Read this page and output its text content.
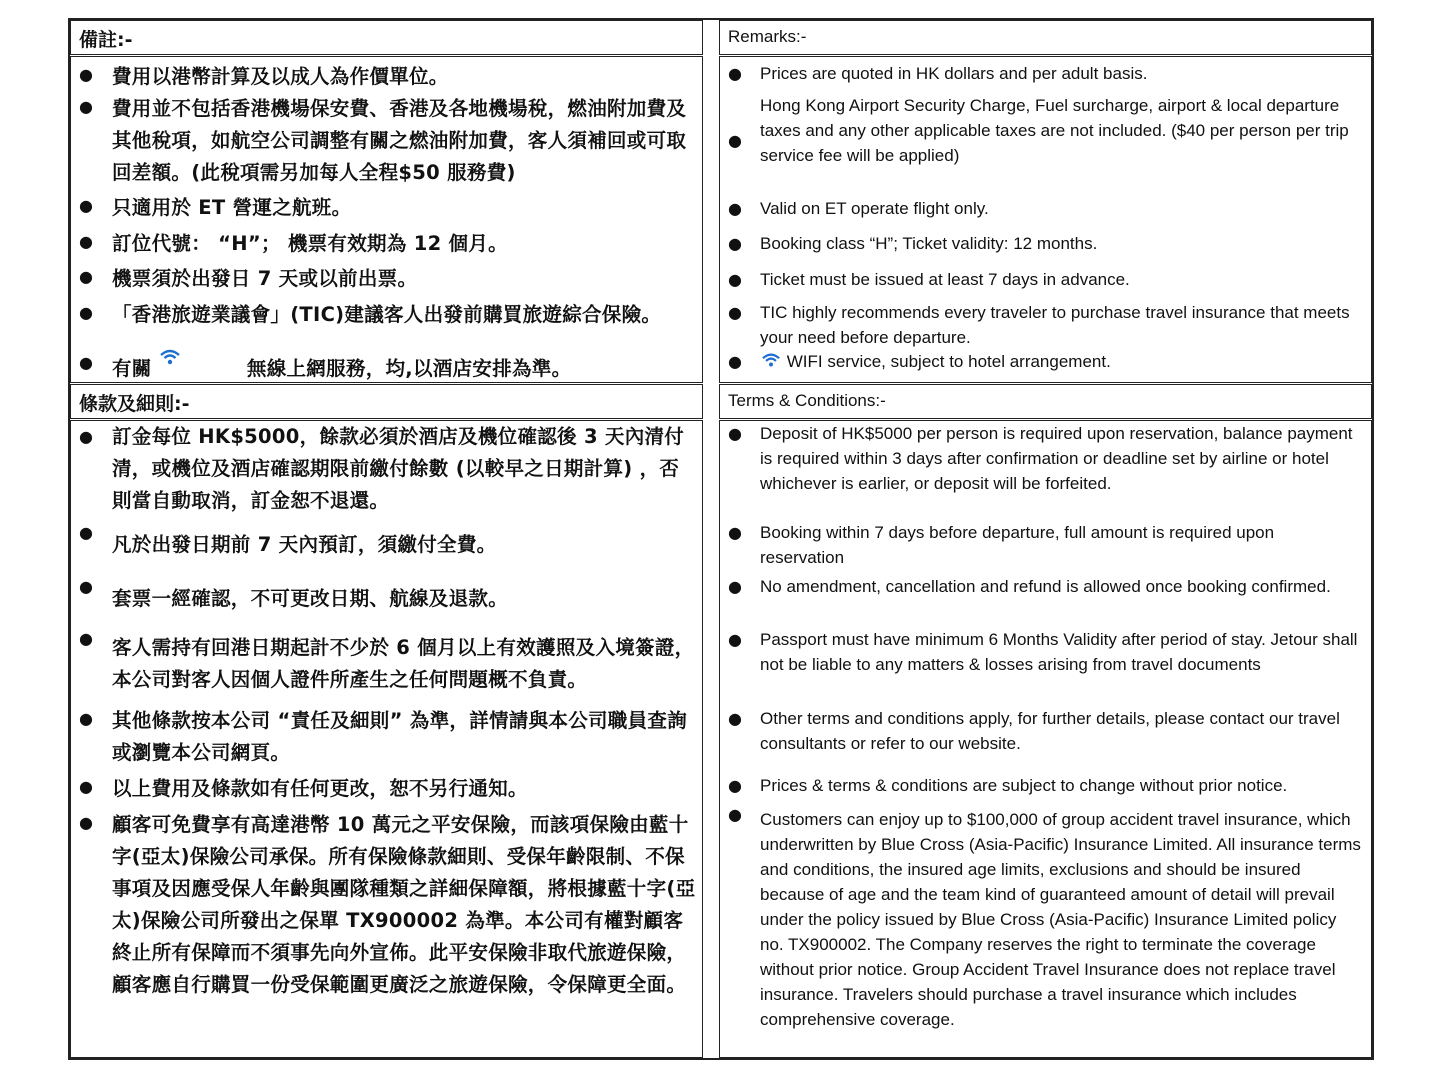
備註:-
● 費用以港幣計算及以成人為作價單位。
● 費用並不包括香港機場保安費、香港及各地機場稅，燃油附加費及其他稅項，如航空公司調整有關之燃油附加費，客人須補回或可取回差額。(此稅項需另加每人全程$50 服務費)
● 只適用於 ET 營運之航班。
● 訂位代號： “H”； 機票有效期為 12 個月。
● 機票須於出發日 7 天或以前出票。
● 「香港旅遊業議會」(TIC)建議客人出發前購買旅遊綜合保險。
● 有關	無線上網服務，均,以酒店安排為準。
條款及細則:-
● 訂金每位 HK$5000，餘款必須於酒店及機位確認後 3 天內清付清，或機位及酒店確認期限前繳付餘數 (以較早之日期計算) ，否則當自動取消，訂金恕不退還。
●
凡於出發日期前 7 天內預訂，須繳付全費。
●
套票一經確認，不可更改日期、航線及退款。
● 客人需持有回港日期起計不少於 6 個月以上有效護照及入境簽證，本公司對客人因個人證件所產生之任何問題概不負責。
● 其他條款按本公司 “責任及細則” 為準，詳情請與本公司職員查詢或瀏覽本公司網頁。
● 以上費用及條款如有任何更改，恕不另行通知。
● 顧客可免費享有高達港幣 10 萬元之平安保險，而該項保險由藍十字(亞太)保險公司承保。所有保險條款細則、受保年齡限制、不保事項及因應受保人年齡與團隊種類之詳細保障額，將根據藍十字(亞太)保險公司所發出之保單 TX900002 為準。本公司有權對顧客終止所有保障而不須事先向外宣佈。此平安保險非取代旅遊保險，顧客應自行購買一份受保範圍更廣泛之旅遊保險，令保障更全面。
Remarks:-
● Prices are quoted in HK dollars and per adult basis.
●
Hong Kong Airport Security Charge, Fuel surcharge, airport & local departure taxes and any other applicable taxes are not included. ($40 per person per trip service fee will be applied)
● Valid on ET operate flight only.
● Booking class “H”; Ticket validity: 12 months.
● Ticket must be issued at least 7 days in advance.
● TIC highly recommends every traveler to purchase travel insurance that meets your need before departure.
●	WIFI service, subject to hotel arrangement.
Terms & Conditions:-
● Deposit of HK$5000 per person is required upon reservation, balance payment is required within 3 days after confirmation or deadline set by airline or hotel whichever is earlier, or deposit will be forfeited.
● Booking within 7 days before departure, full amount is required upon reservation
● No amendment, cancellation and refund is allowed once booking confirmed.
● Passport must have minimum 6 Months Validity after period of stay. Jetour shall not be liable to any matters & losses arising from travel documents
● Other terms and conditions apply, for further details, please contact our travel consultants or refer to our website.
● Prices & terms & conditions are subject to change without prior notice.
● Customers can enjoy up to $100,000 of group accident travel insurance, which underwritten by Blue Cross (Asia-Pacific) Insurance Limited. All insurance terms and conditions, the insured age limits, exclusions and should be insured because of age and the team kind of guaranteed amount of detail will prevail under the policy issued by Blue Cross (Asia-Pacific) Insurance Limited policy no. TX900002. The Company reserves the right to terminate the coverage without prior notice. Group Accident Travel Insurance does not replace travel insurance. Travelers should purchase a travel insurance which includes comprehensive coverage.
